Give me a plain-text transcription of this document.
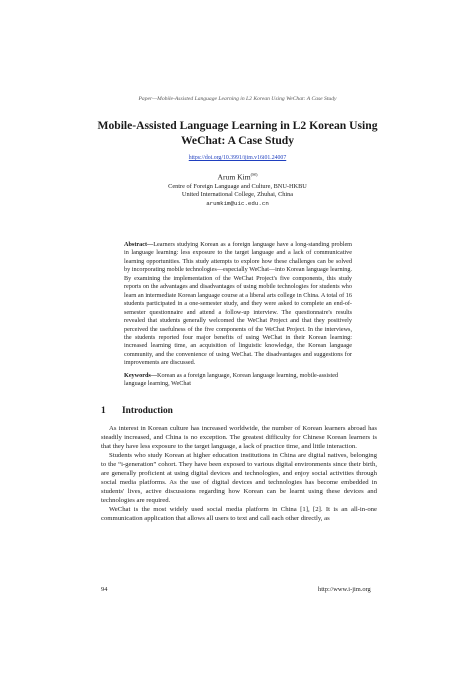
Paper—Mobile-Assisted Language Learning in L2 Korean Using WeChat: A Case Study
Mobile-Assisted Language Learning in L2 Korean Using WeChat: A Case Study
https://doi.org/10.3991/ijim.v16i01.24007
Arum Kim(✉)
Centre of Foreign Language and Culture, BNU-HKBU
United International College, Zhuhai, China
arumkim@uic.edu.cn
Abstract—Learners studying Korean as a foreign language have a long-standing problem in language learning: less exposure to the target language and a lack of communicative learning opportunities. This study attempts to explore how these challenges can be solved by incorporating mobile technologies—especially WeChat—into Korean language learning. By examining the implementation of the WeChat Project's five components, this study reports on the advantages and disadvantages of using mobile technologies for students who learn an intermediate Korean language course at a liberal arts college in China. A total of 16 students participated in a one-semester study, and they were asked to complete an end-of-semester questionnaire and attend a follow-up interview. The questionnaire's results revealed that students generally welcomed the WeChat Project and that they positively perceived the usefulness of the five components of the WeChat Project. In the interviews, the students reported four major benefits of using WeChat in their Korean learning: increased learning time, an acquisition of linguistic knowledge, the Korean language community, and the convenience of using WeChat. The disadvantages and suggestions for improvements are discussed.
Keywords—Korean as a foreign language, Korean language learning, mobile-assisted language learning, WeChat
1 Introduction

As interest in Korean culture has increased worldwide, the number of Korean learners abroad has steadily increased, and China is no exception. The greatest difficulty for Chinese Korean learners is that they have less exposure to the target language, a lack of practice time, and little interaction.

Students who study Korean at higher education institutions in China are digital natives, belonging to the “i-generation” cohort. They have been exposed to various digital environments since their birth, are generally proficient at using digital devices and technologies, and enjoy social activities through social media platforms. As the use of digital devices and technologies has become embedded in students' lives, active discussions regarding how Korean can be learnt using these devices and technologies are required.

WeChat is the most widely used social media platform in China [1], [2]. It is an all-in-one communication application that allows all users to text and call each other directly, as

94	http://www.i-jim.org
